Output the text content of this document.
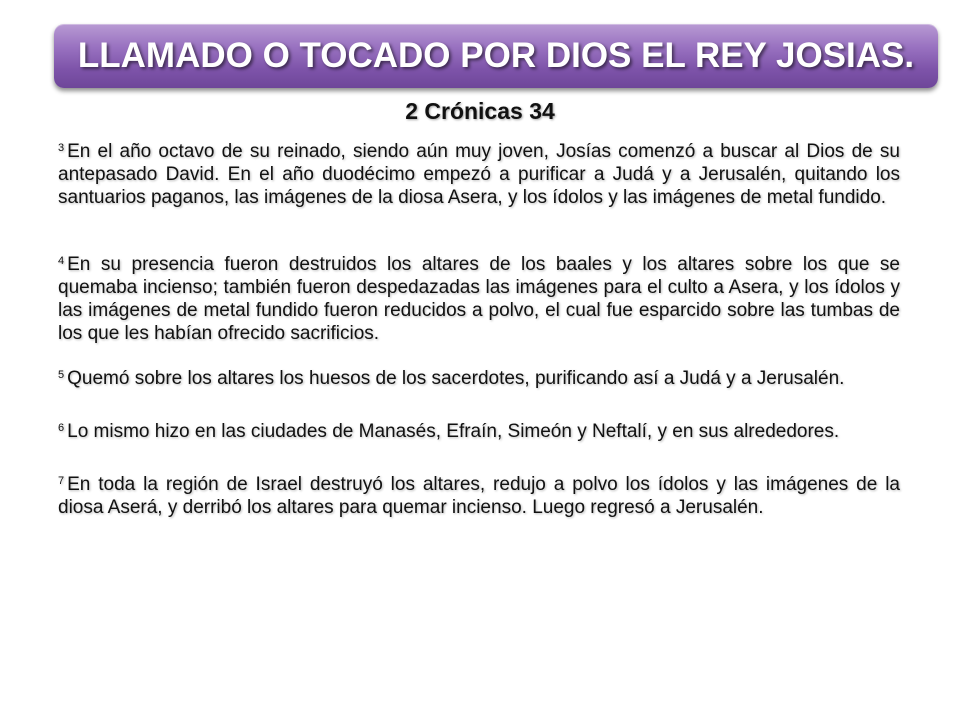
LLAMADO O TOCADO POR DIOS EL REY JOSIAS.
2 Crónicas 34

$^3$ En el año octavo de su reinado, siendo aún muy joven, Josías comenzó a buscar al Dios de su antepasado David. En el año duodécimo empezó a purificar a Judá y a Jerusalén, quitando los santuarios paganos, las imágenes de la diosa Asera, y los ídolos y las imágenes de metal fundido.

$^4$ En su presencia fueron destruidos los altares de los baales y los altares sobre los que se quemaba incienso; también fueron despedazadas las imágenes para el culto a Asera, y los ídolos y las imágenes de metal fundido fueron reducidos a polvo, el cual fue esparcido sobre las tumbas de los que les habían ofrecido sacrificios.

$^5$ Quemó sobre los altares los huesos de los sacerdotes, purificando así a Judá y a Jerusalén.

$^6$ Lo mismo hizo en las ciudades de Manasés, Efraín, Simeón y Neftalí, y en sus alrededores.

$^7$ En toda la región de Israel destruyó los altares, redujo a polvo los ídolos y las imágenes de la diosa Aserá, y derribó los altares para quemar incienso. Luego regresó a Jerusalén.
